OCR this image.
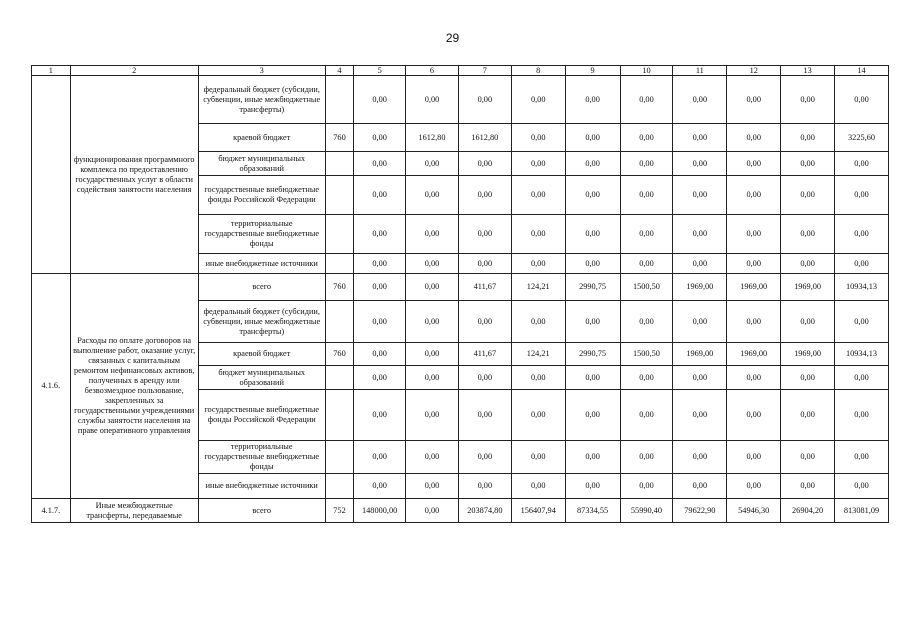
29
1	2	3	4	5	6	7	8	9	10	11	12	13	14
	функционирования программного комплекса по предоставлению государственных услуг в области содействия занятости населения	федеральный бюджет (субсидии, субвенции, иные межбюджетные трансферты)		0,00	0,00	0,00	0,00	0,00	0,00	0,00	0,00	0,00	0,00
		краевой бюджет	760	0,00	1612,80	1612,80	0,00	0,00	0,00	0,00	0,00	0,00	3225,60
		бюджет муниципальных образований		0,00	0,00	0,00	0,00	0,00	0,00	0,00	0,00	0,00	0,00
		государственные внебюджетные фонды Российской Федерации		0,00	0,00	0,00	0,00	0,00	0,00	0,00	0,00	0,00	0,00
		территориальные государственные внебюджетные фонды		0,00	0,00	0,00	0,00	0,00	0,00	0,00	0,00	0,00	0,00
		иные внебюджетные источники		0,00	0,00	0,00	0,00	0,00	0,00	0,00	0,00	0,00	0,00
4.1.6.	Расходы по оплате договоров на выполнение работ, оказание услуг, связанных с капитальным ремонтом нефинансовых активов, полученных в аренду или безвозмездное пользование, закрепленных за государственными учреждениями службы занятости населения на праве оперативного управления	всего	760	0,00	0,00	411,67	124,21	2990,75	1500,50	1969,00	1969,00	1969,00	10934,13
		федеральный бюджет (субсидии, субвенции, иные межбюджетные трансферты)		0,00	0,00	0,00	0,00	0,00	0,00	0,00	0,00	0,00	0,00
		краевой бюджет	760	0,00	0,00	411,67	124,21	2990,75	1500,50	1969,00	1969,00	1969,00	10934,13
		бюджет муниципальных образований		0,00	0,00	0,00	0,00	0,00	0,00	0,00	0,00	0,00	0,00
		государственные внебюджетные фонды Российской Федерации		0,00	0,00	0,00	0,00	0,00	0,00	0,00	0,00	0,00	0,00
		территориальные государственные внебюджетные фонды		0,00	0,00	0,00	0,00	0,00	0,00	0,00	0,00	0,00	0,00
		иные внебюджетные источники		0,00	0,00	0,00	0,00	0,00	0,00	0,00	0,00	0,00	0,00
4.1.7.	Иные межбюджетные трансферты, передаваемые	всего	752	148000,00	0,00	203874,80	156407,94	87334,55	55990,40	79622,90	54946,30	26904,20	813081,09
